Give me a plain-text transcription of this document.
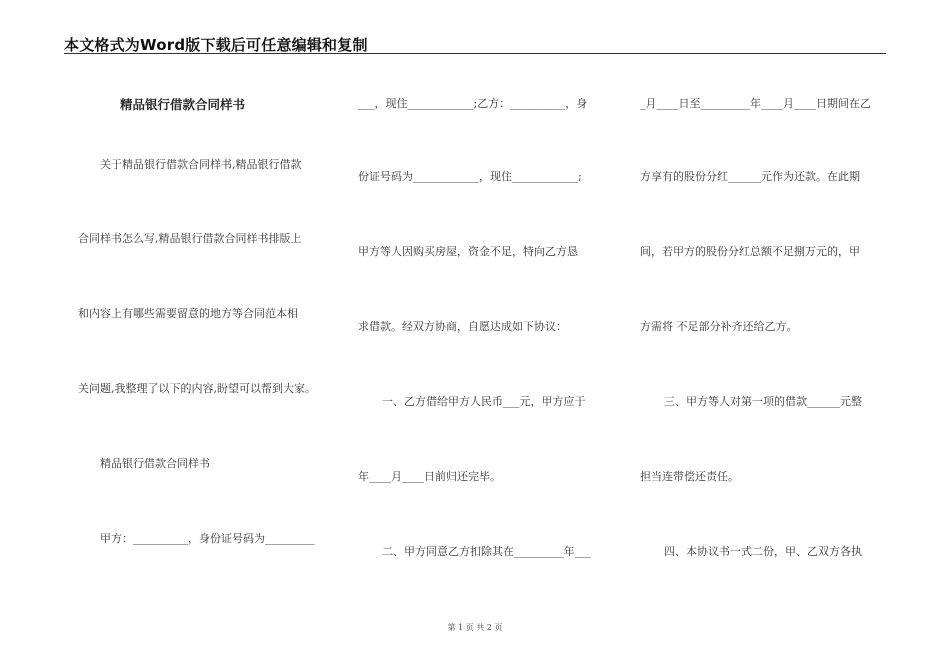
本文格式为Word版下载后可任意编辑和复制
精品银行借款合同样书
关于精品银行借款合同样书,精品银行借款
合同样书怎么写,精品银行借款合同样书排版上
和内容上有哪些需要留意的地方等合同范本相
关问题,我整理了以下的内容,盼望可以帮到大家。
精品银行借款合同样书
甲方：__________，身份证号码为_________
___，现住____________;乙方：__________，身
份证号码为____________，现住____________;
甲方等人因购买房屋，资金不足，特向乙方恳
求借款。经双方协商，自愿达成如下协议：
一、乙方借给甲方人民币___元，甲方应于
年____月____日前归还完毕。
二、甲方同意乙方扣除其在_________年___
_月____日至_________年____月____日期间在乙
方享有的股份分红______元作为还款。在此期
间，若甲方的股份分红总额不足捌万元的，甲
方需将 不足部分补齐还给乙方。
三、甲方等人对第一项的借款______元整
担当连带偿还责任。
四、本协议书一式二份，甲、乙双方各执
第 1 页 共 2 页
